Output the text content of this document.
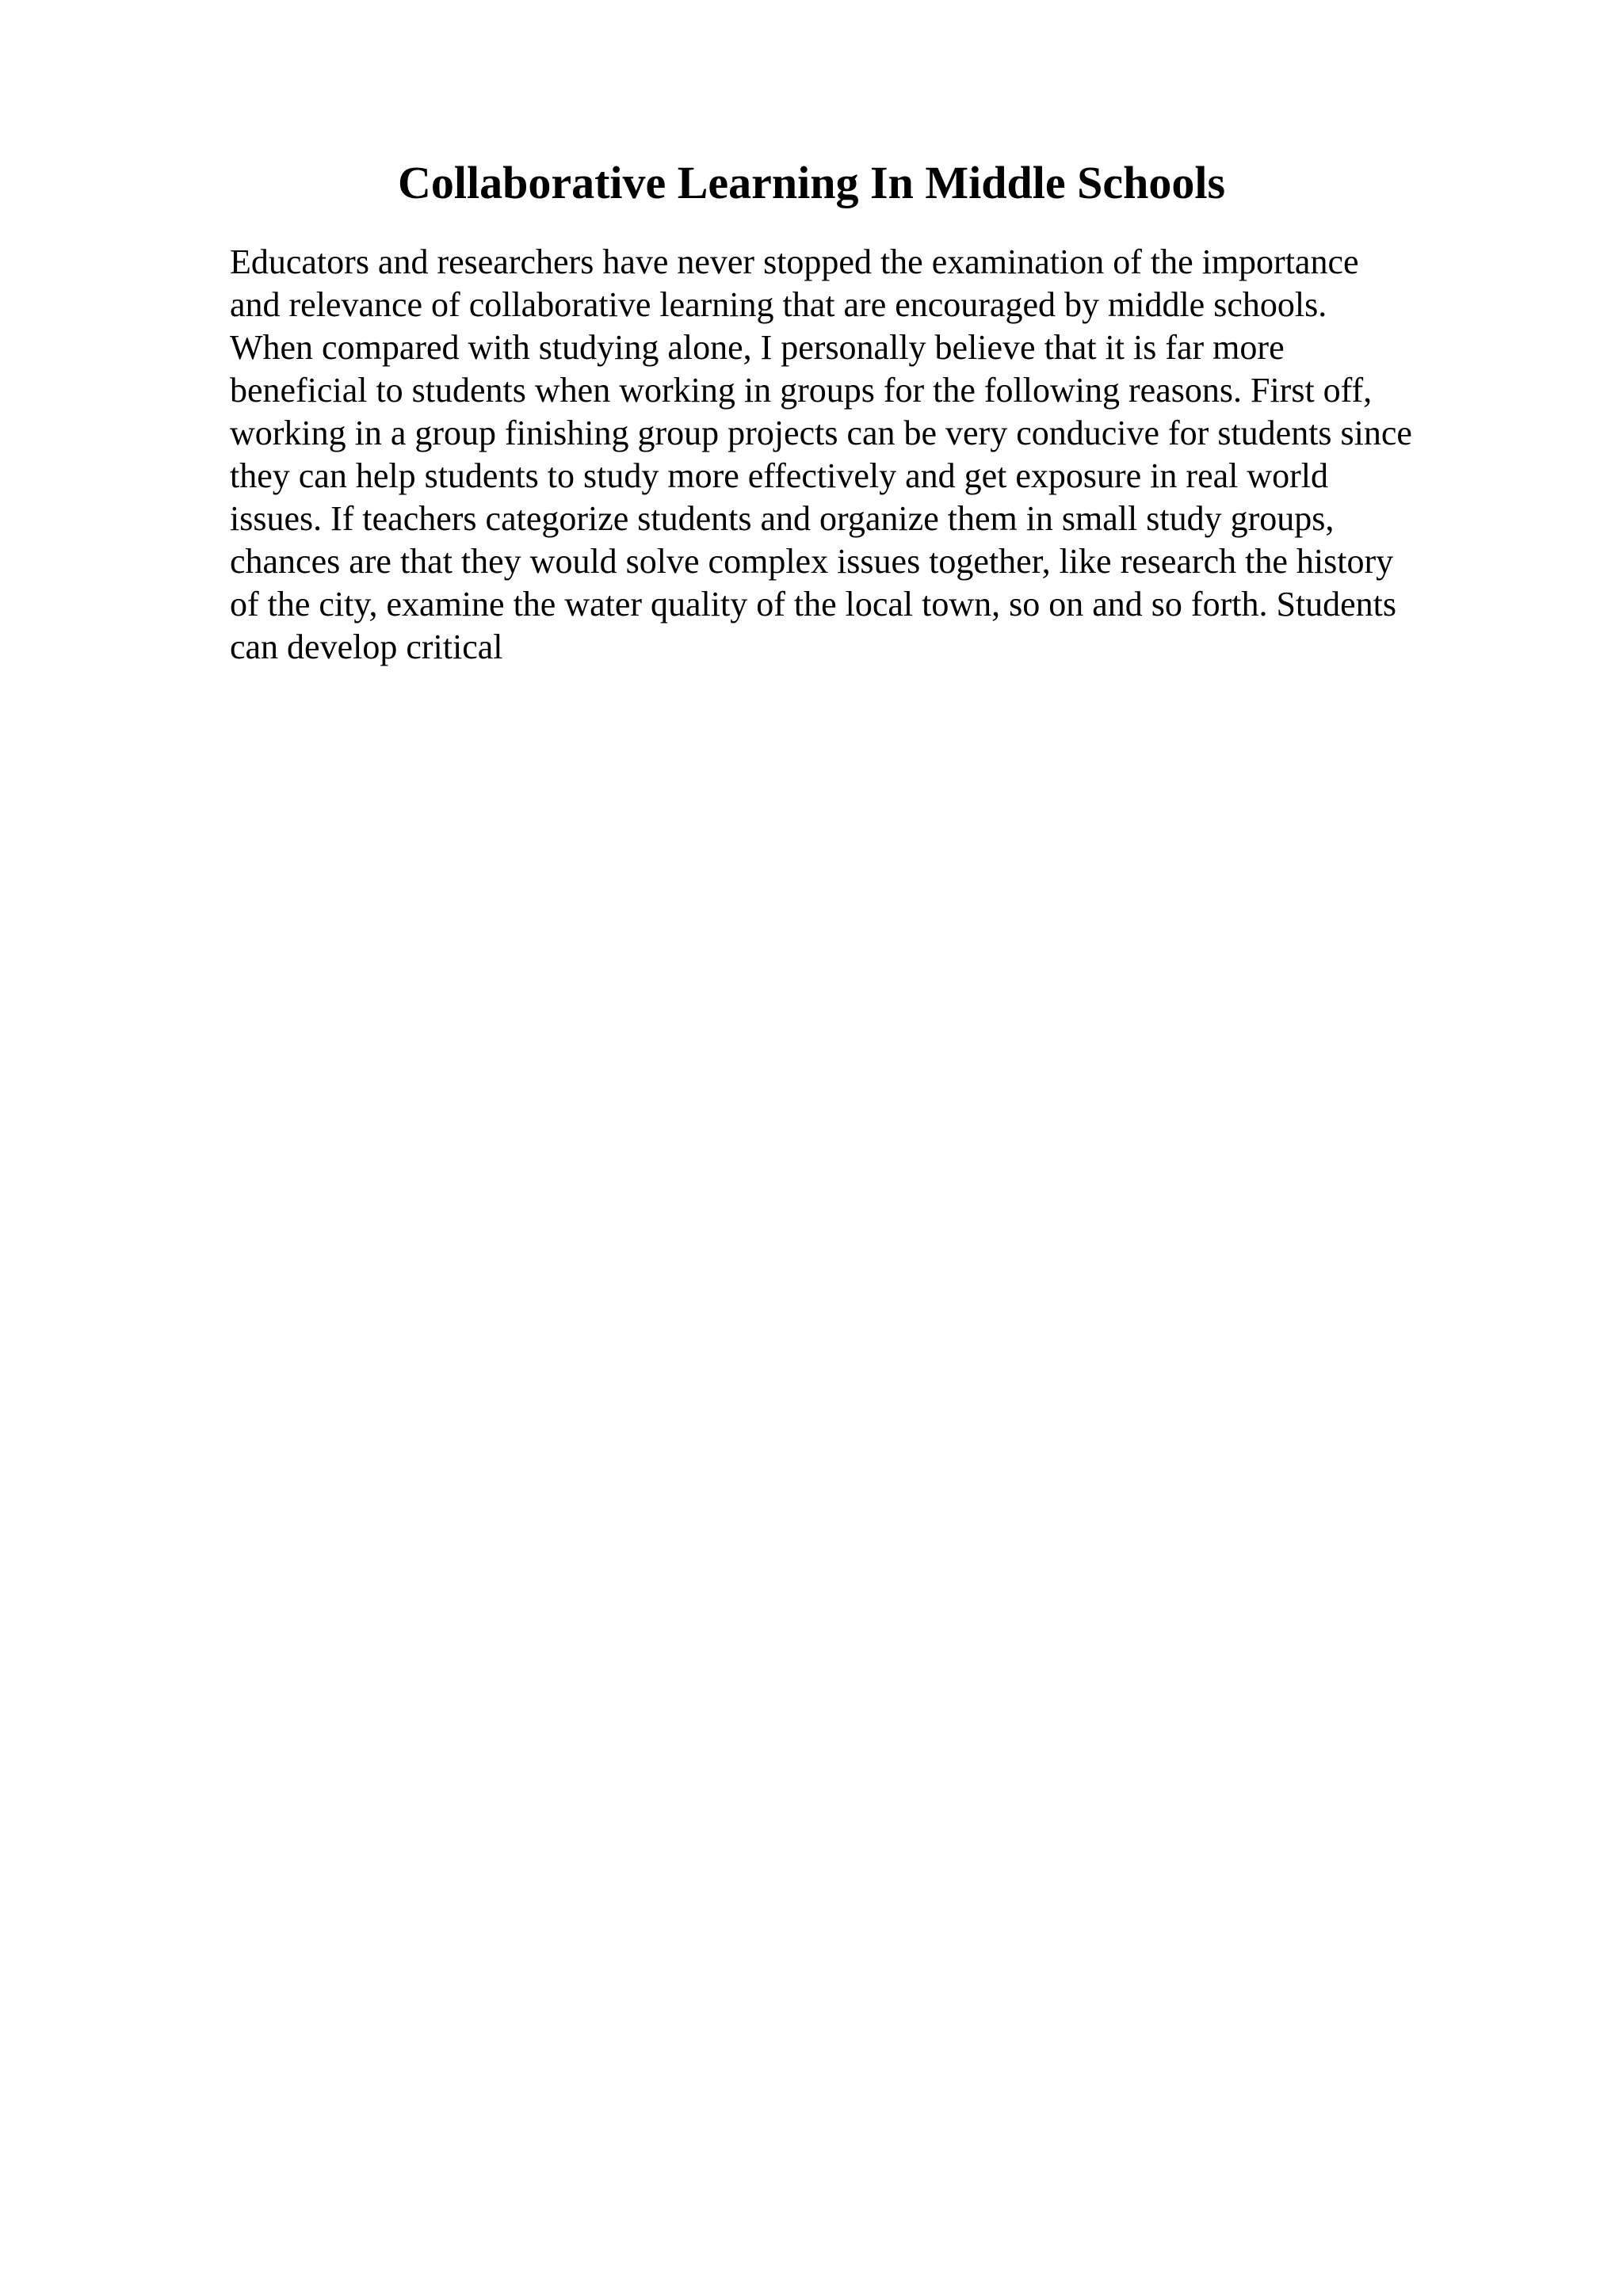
Collaborative Learning In Middle Schools
Educators and researchers have never stopped the examination of the importance
and relevance of collaborative learning that are encouraged by middle schools.
When compared with studying alone, I personally believe that it is far more
beneficial to students when working in groups for the following reasons. First off,
working in a group finishing group projects can be very conducive for students since
they can help students to study more effectively and get exposure in real world
issues. If teachers categorize students and organize them in small study groups,
chances are that they would solve complex issues together, like research the history
of the city, examine the water quality of the local town, so on and so forth. Students
can develop critical
